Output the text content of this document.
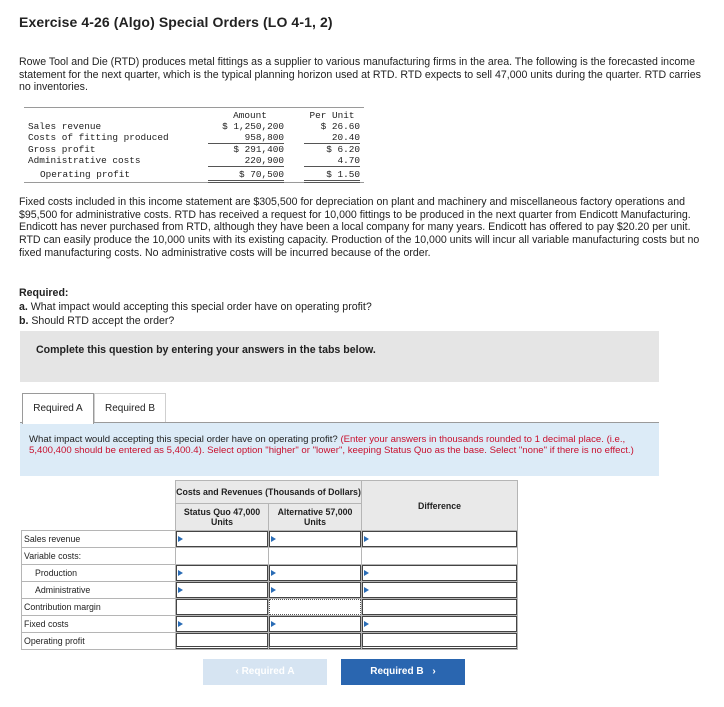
Exercise 4-26 (Algo) Special Orders (LO 4-1, 2)
Rowe Tool and Die (RTD) produces metal fittings as a supplier to various manufacturing firms in the area. The following is the forecasted income statement for the next quarter, which is the typical planning horizon used at RTD. RTD expects to sell 47,000 units during the quarter. RTD carries no inventories.
Amount	Per Unit
Sales revenue	$ 1,250,200	$ 26.60
Costs of fitting produced	958,800	20.40
Gross profit	$ 291,400	$ 6.20
Administrative costs	220,900	4.70
Operating profit	$ 70,500	$ 1.50
Fixed costs included in this income statement are $305,500 for depreciation on plant and machinery and miscellaneous factory operations and $95,500 for administrative costs. RTD has received a request for 10,000 fittings to be produced in the next quarter from Endicott Manufacturing. Endicott has never purchased from RTD, although they have been a local company for many years. Endicott has offered to pay $20.20 per unit. RTD can easily produce the 10,000 units with its existing capacity. Production of the 10,000 units will incur all variable manufacturing costs but no fixed manufacturing costs. No administrative costs will be incurred because of the order.
Required:
a. What impact would accepting this special order have on operating profit?
b. Should RTD accept the order?
Complete this question by entering your answers in the tabs below.
Required A	Required B

What impact would accepting this special order have on operating profit? (Enter your answers in thousands rounded to 1 decimal place. (i.e., 5,400,400 should be entered as 5,400.4). Select option "higher" or "lower", keeping Status Quo as the base. Select "none" if there is no effect.)

	Costs and Revenues (Thousands of Dollars)		Difference
	Status Quo 47,000 Units	Alternative 57,000 Units	
Sales revenue	

Variable costs:			
Production	

Administrative	

Contribution margin	

Fixed costs	

Operating profit	

‹ Required A	Required B ›
